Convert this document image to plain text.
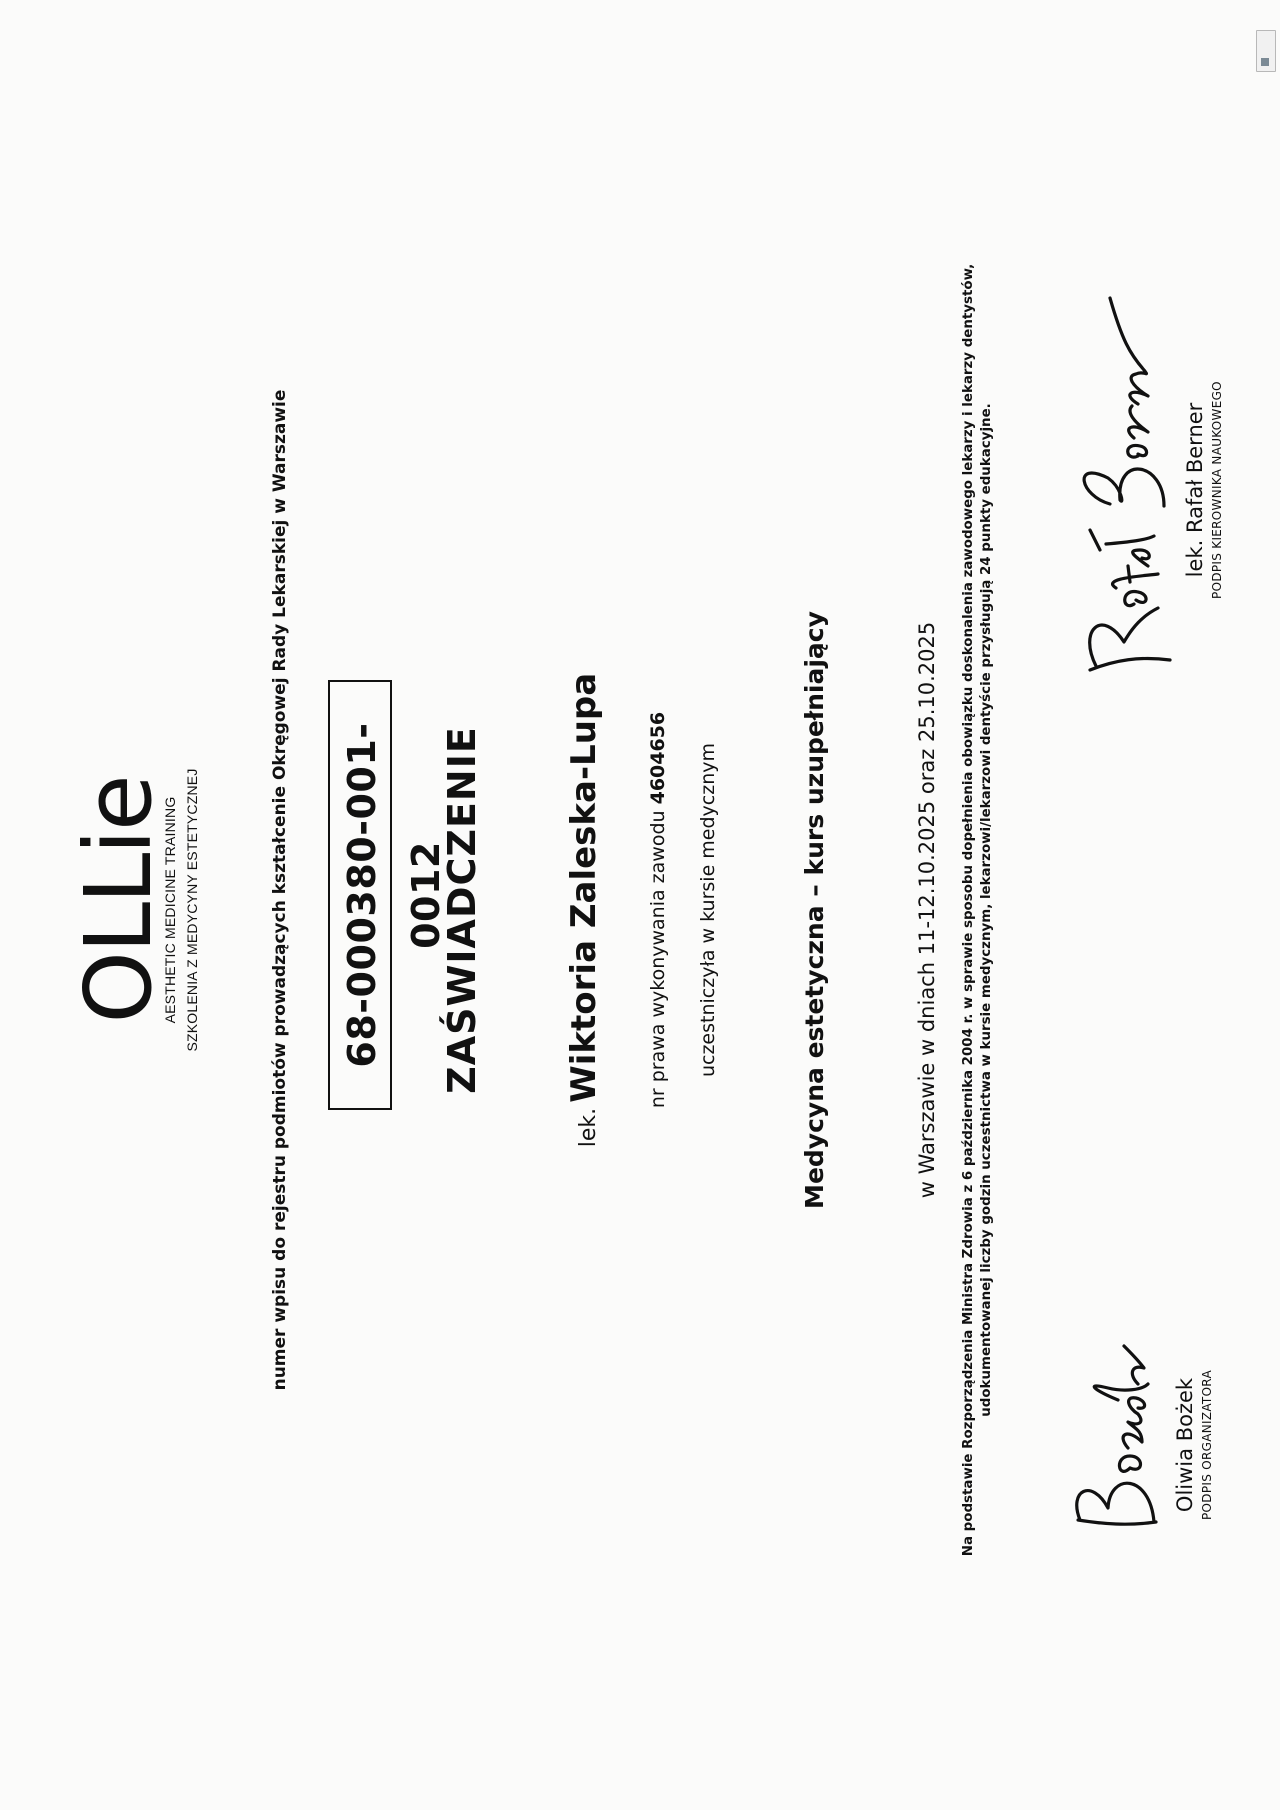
OLLie
AESTHETIC MEDICINE TRAINING SZKOLENIA Z MEDYCYNY ESTETYCZNEJ	numer wpisu do rejestru podmiotów prowadzących kształcenie Okręgowej Rady Lekarskiej w Warszawie	68-000380-001-0012
ZAŚWIADCZENIE
lek. Wiktoria Zaleska-Lupa	nr prawa wykonywania zawodu 4604656 uczestniczyła w kursie medycznym	Medycyna estetyczna – kurs uzupełniający	w Warszawie w dniach 11-12.10.2025 oraz 25.10.2025 Na podstawie Rozporządzenia Ministra Zdrowia z 6 października 2004 r. w sprawie sposobu dopełnienia obowiązku doskonalenia zawodowego lekarzy i lekarzy dentystów, udokumentowanej liczby godzin uczestnictwa w kursie medycznym, lekarzowi/lekarzowi dentyście przysługują 24 punkty edukacyjne.
Oliwia Bożek PODPIS ORGANIZATORA
lek. Rafał Berner PODPIS KIEROWNIKA NAUKOWEGO
